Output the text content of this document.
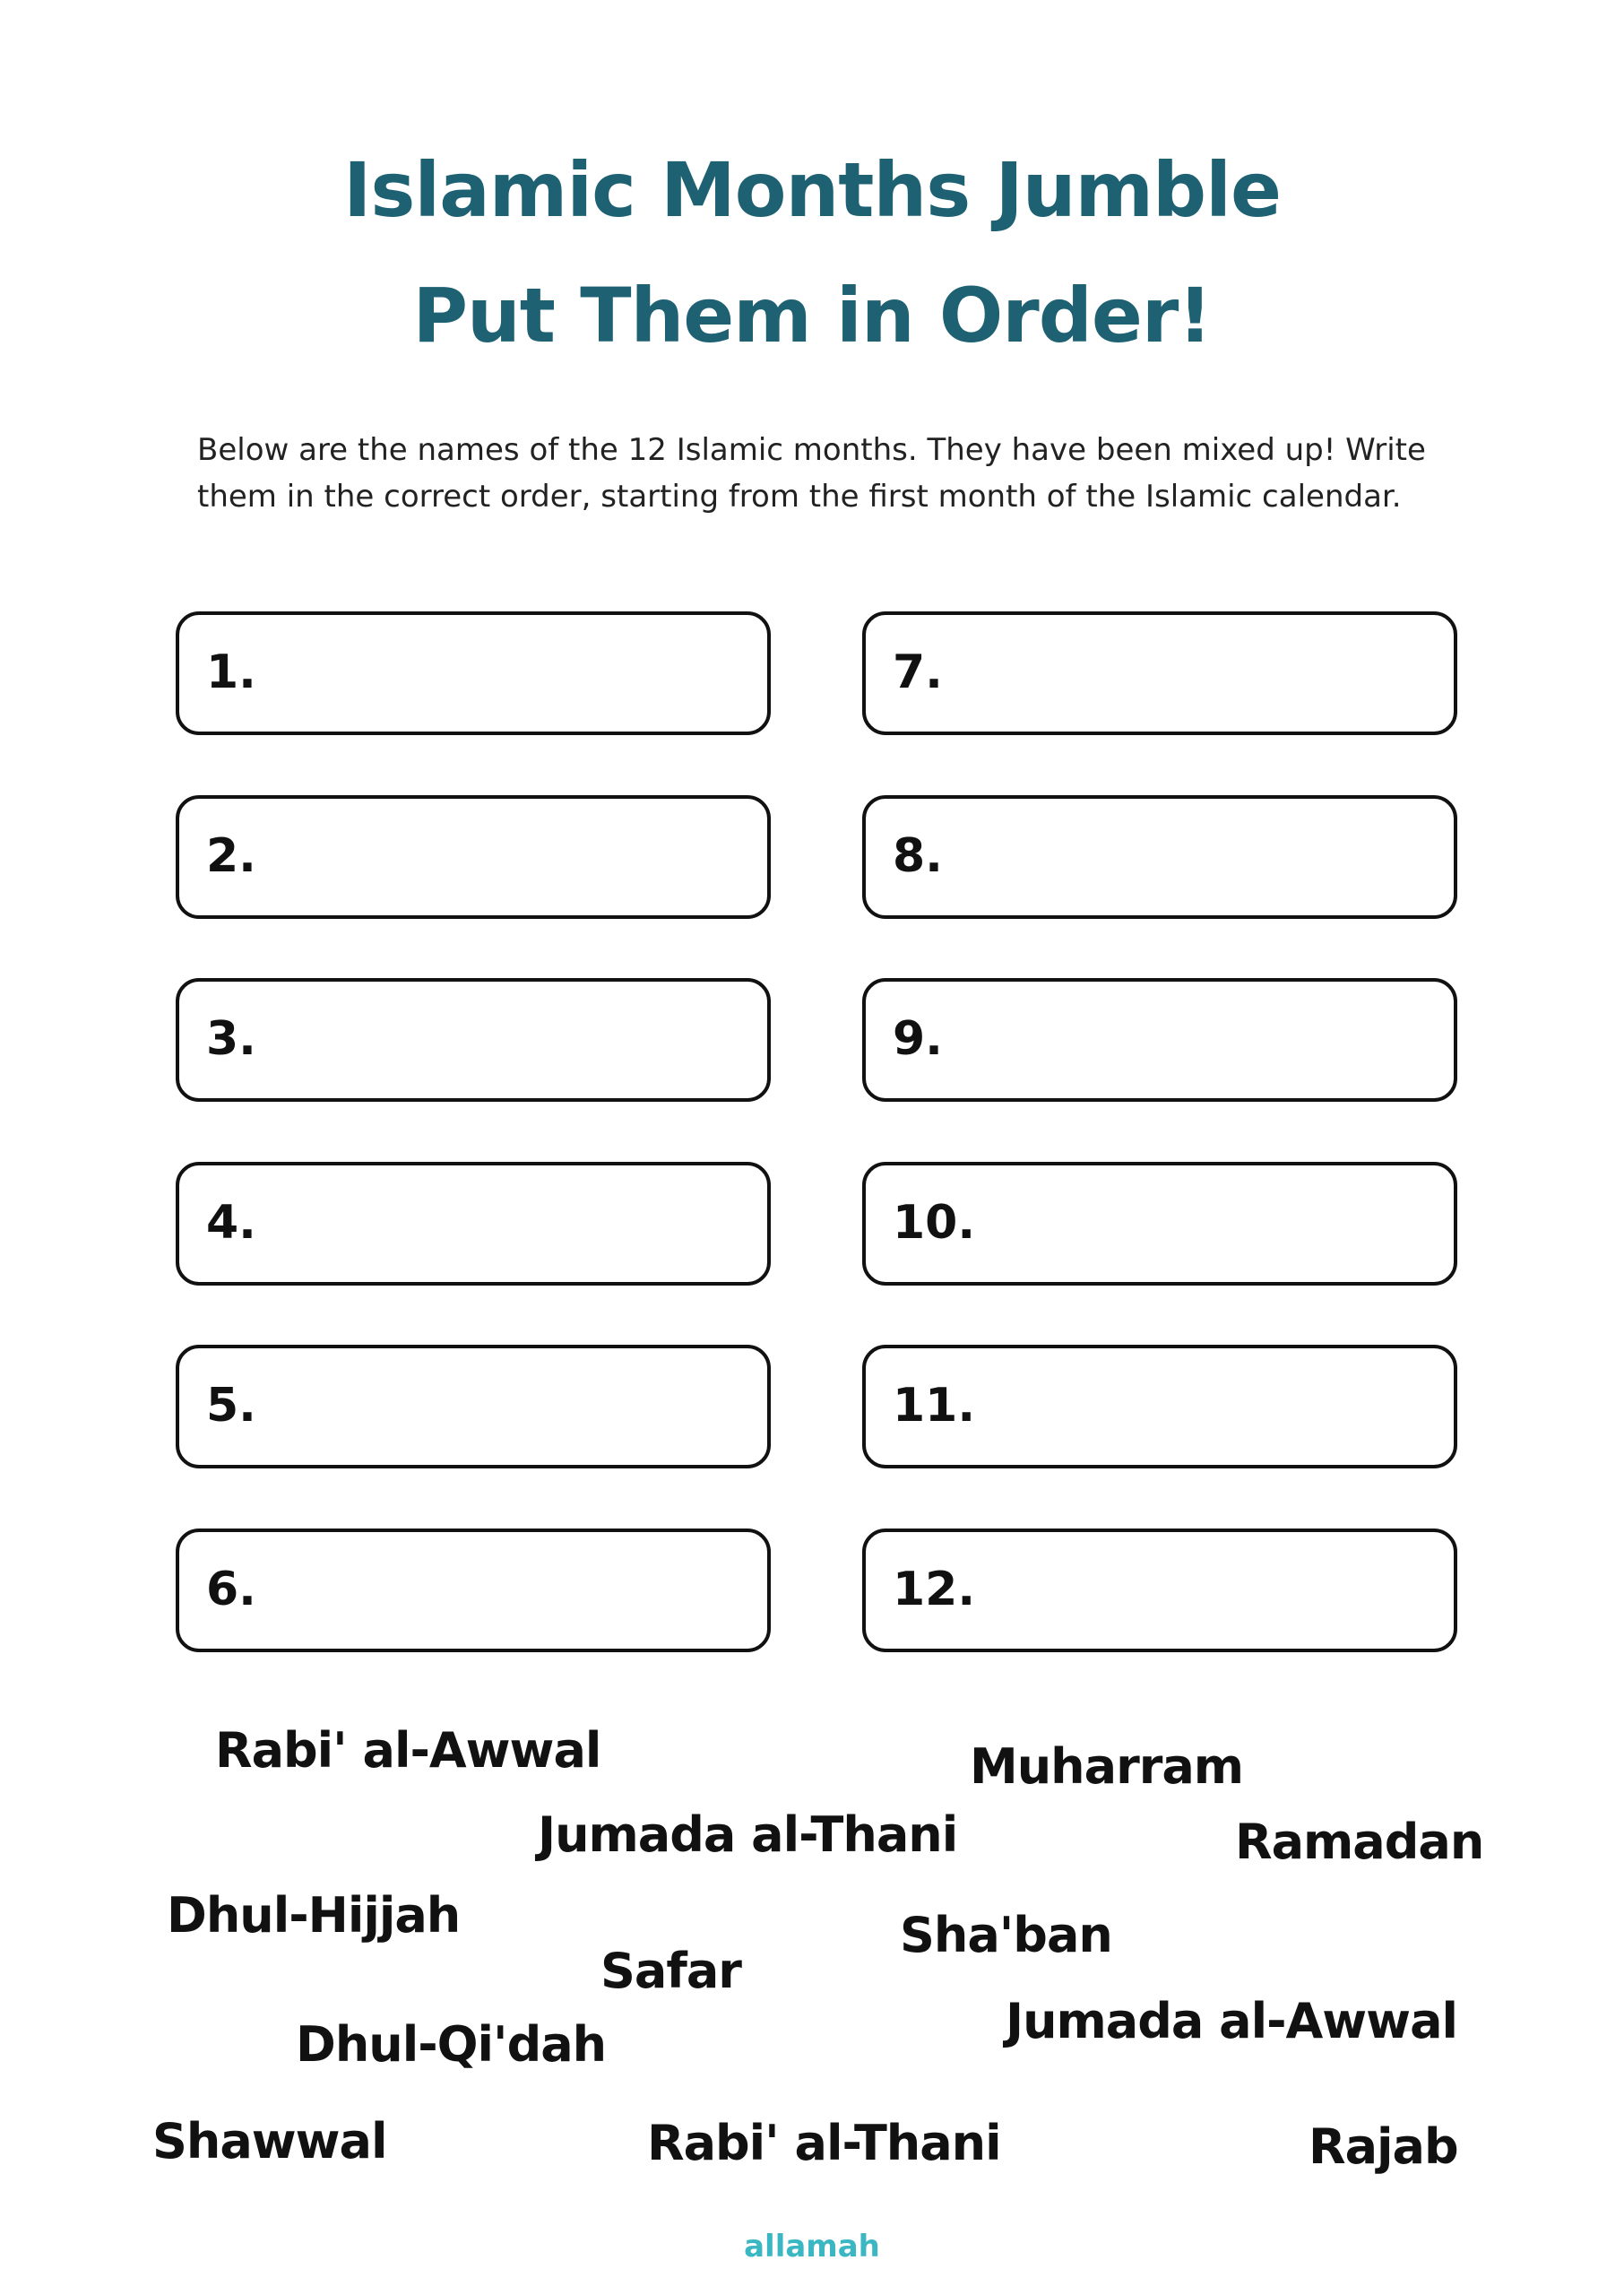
Islamic Months Jumble
Put Them in Order!

Below are the names of the 12 Islamic months. They have been mixed up! Write them in the correct order, starting from the first month of the Islamic calendar.

1.
2.
3.
4.
5.
6.
7.
8.
9.
10.
11.
12.
Rabi' al-Awwal	Muharram
Jumada al-Thani	Ramadan
Dhul-Hijjah	Sha'ban
Safar
Jumada al-Awwal
Dhul-Qi'dah
Shawwal	Rabi' al-Thani	Rajab
allamah
